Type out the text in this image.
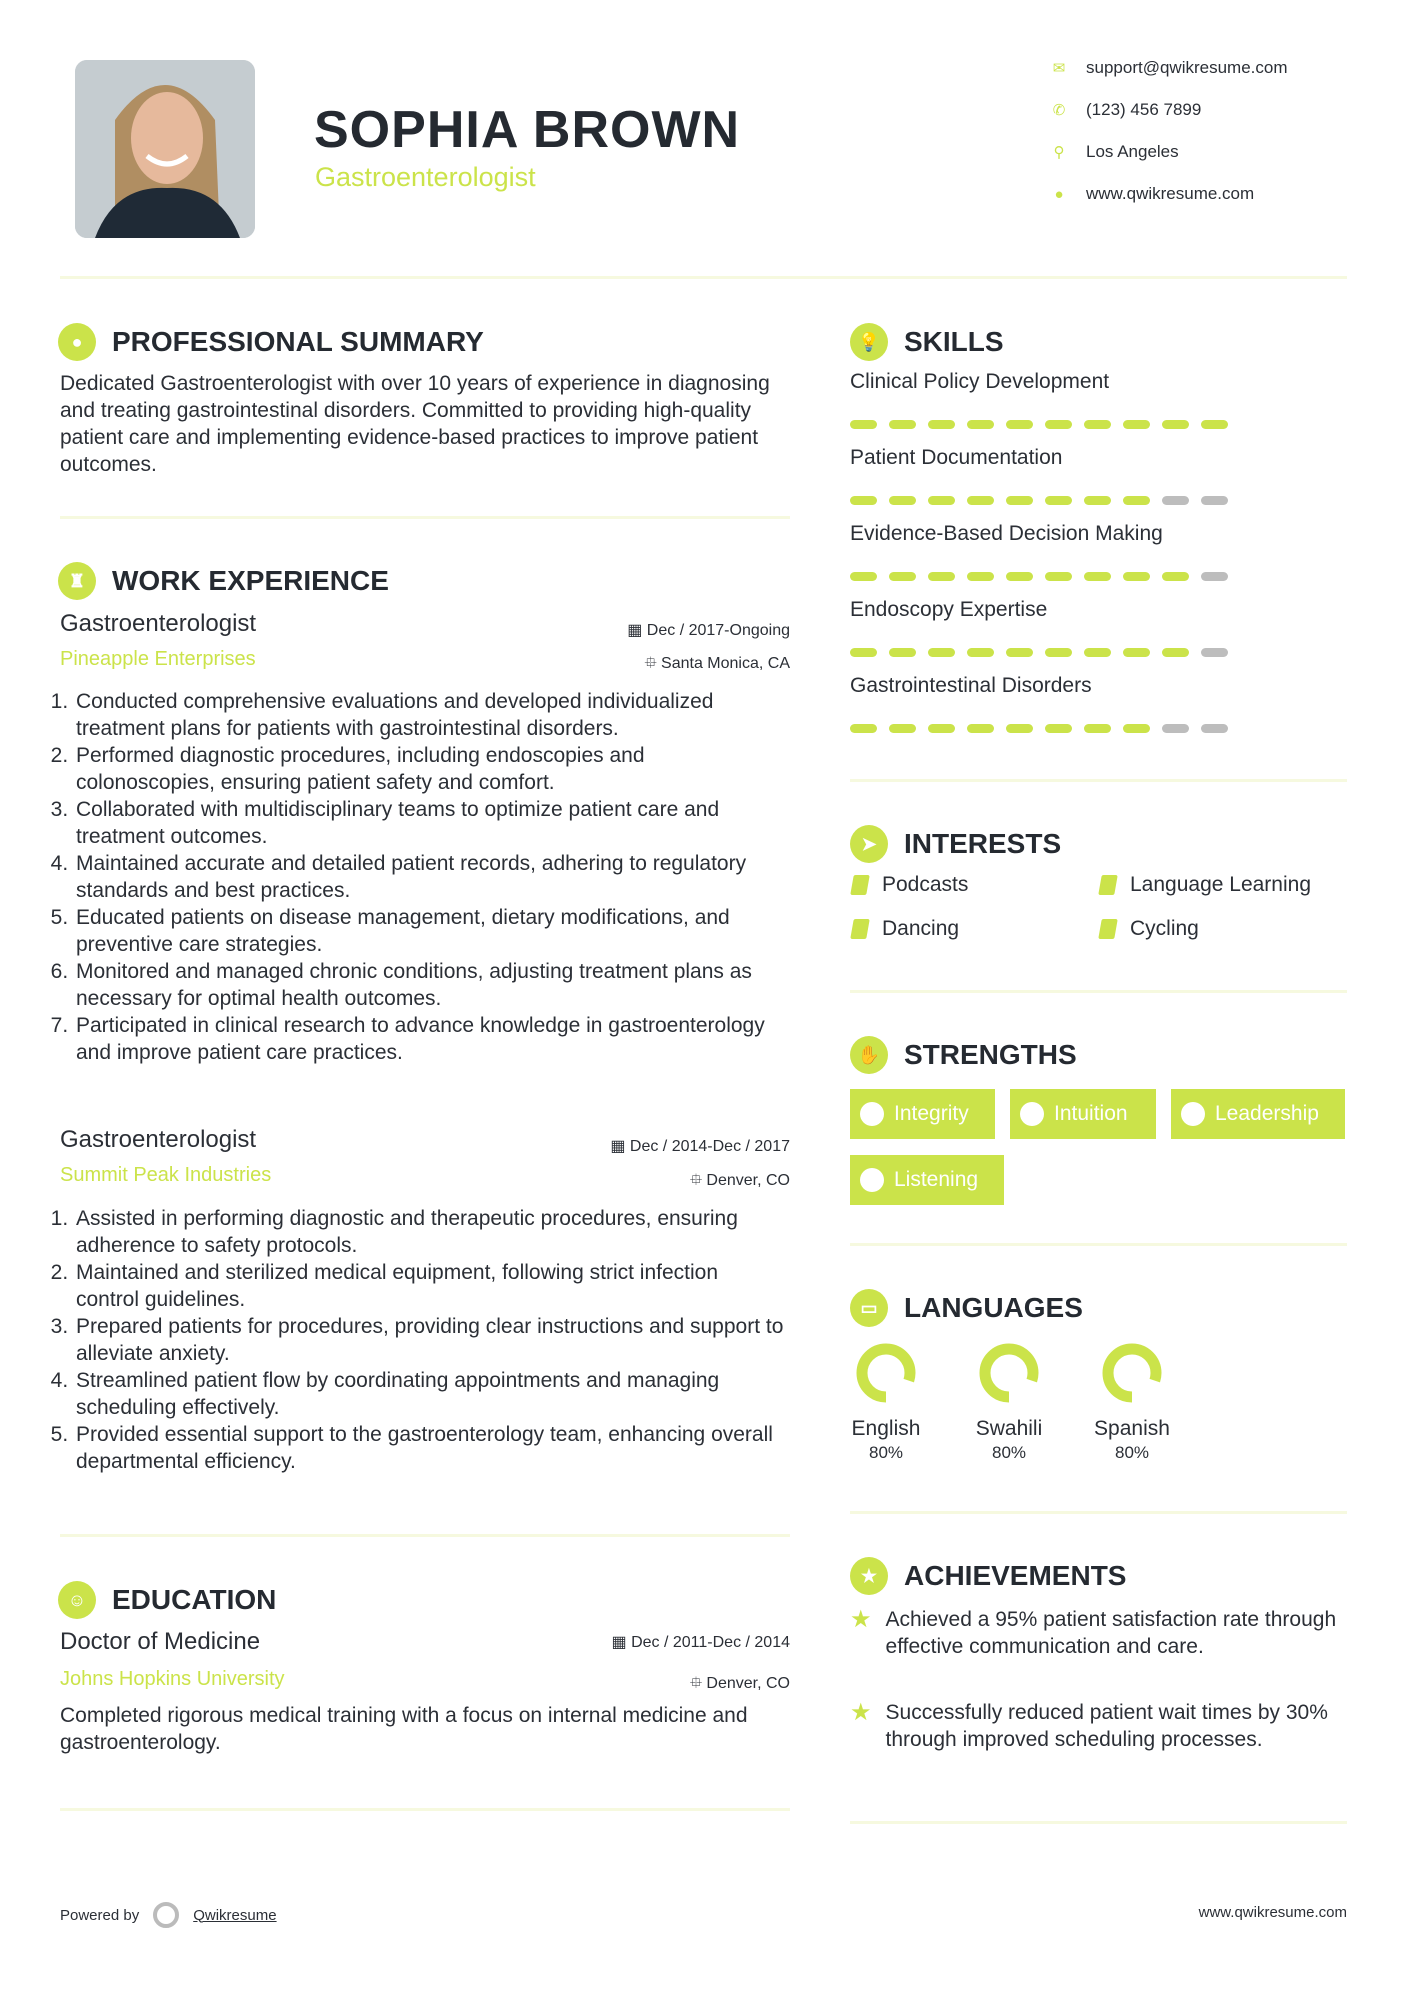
SOPHIA BROWN
Gastroenterologist
✉ support@qwikresume.com
✆ (123) 456 7899
⚲ Los Angeles
● www.qwikresume.com
●	PROFESSIONAL SUMMARY
Dedicated Gastroenterologist with over 10 years of experience in diagnosing and treating gastrointestinal disorders. Committed to providing high-quality patient care and implementing evidence-based practices to improve patient outcomes.
♜ WORK EXPERIENCE
Gastroenterologist	▦ Dec / 2017-Ongoing
Pineapple Enterprises	⯐ Santa Monica, CA
1. Conducted comprehensive evaluations and developed individualized treatment plans for patients with gastrointestinal disorders.
2. Performed diagnostic procedures, including endoscopies and colonoscopies, ensuring patient safety and comfort.
3. Collaborated with multidisciplinary teams to optimize patient care and treatment outcomes.
4. Maintained accurate and detailed patient records, adhering to regulatory standards and best practices.
5. Educated patients on disease management, dietary modifications, and preventive care strategies.
6. Monitored and managed chronic conditions, adjusting treatment plans as necessary for optimal health outcomes.
7. Participated in clinical research to advance knowledge in gastroenterology and improve patient care practices.
Gastroenterologist	▦ Dec / 2014-Dec / 2017
Summit Peak Industries	⯐ Denver, CO
1. Assisted in performing diagnostic and therapeutic procedures, ensuring adherence to safety protocols.
2. Maintained and sterilized medical equipment, following strict infection control guidelines.
3. Prepared patients for procedures, providing clear instructions and support to alleviate anxiety.
4. Streamlined patient flow by coordinating appointments and managing scheduling effectively.
5. Provided essential support to the gastroenterology team, enhancing overall departmental efficiency.
☺ EDUCATION
Doctor of Medicine	▦ Dec / 2011-Dec / 2014
Johns Hopkins University	⯐ Denver, CO
Completed rigorous medical training with a focus on internal medicine and gastroenterology.
💡 SKILLS
Clinical Policy Development
Patient Documentation
Evidence-Based Decision Making
Endoscopy Expertise
Gastrointestinal Disorders
➤ INTERESTS
Podcasts	Language Learning
Dancing	Cycling
✋ STRENGTHS
Integrity	Intuition	Leadership
Listening
▭ LANGUAGES
English
80%
Swahili
80%
Spanish
80%
★ ACHIEVEMENTS
★ Achieved a 95% patient satisfaction rate through effective communication and care.
★ Successfully reduced patient wait times by 30% through improved scheduling processes.
Powered by	Qwikresume	www.qwikresume.com
